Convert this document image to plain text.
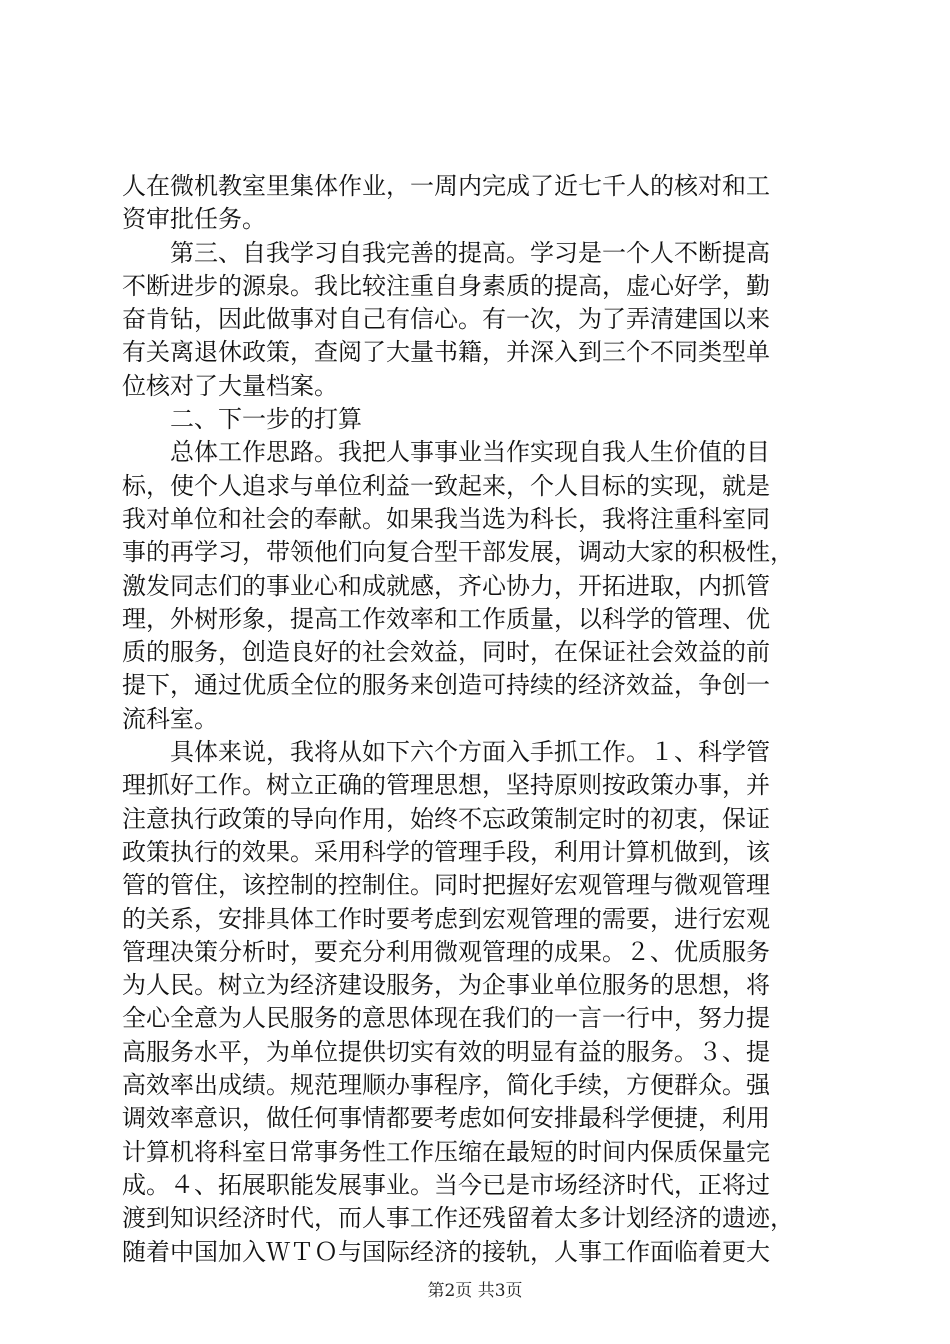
人在微机教室里集体作业，一周内完成了近七千人的核对和工
资审批任务。
　　第三、自我学习自我完善的提高。学习是一个人不断提高
不断进步的源泉。我比较注重自身素质的提高，虚心好学，勤
奋肯钻，因此做事对自己有信心。有一次，为了弄清建国以来
有关离退休政策，查阅了大量书籍，并深入到三个不同类型单
位核对了大量档案。
　　二、下一步的打算
　　总体工作思路。我把人事事业当作实现自我人生价值的目
标，使个人追求与单位利益一致起来，个人目标的实现，就是
我对单位和社会的奉献。如果我当选为科长，我将注重科室同
事的再学习，带领他们向复合型干部发展，调动大家的积极性，
激发同志们的事业心和成就感，齐心协力，开拓进取，内抓管
理，外树形象，提高工作效率和工作质量，以科学的管理、优
质的服务，创造良好的社会效益，同时，在保证社会效益的前
提下，通过优质全位的服务来创造可持续的经济效益，争创一
流科室。
　　具体来说，我将从如下六个方面入手抓工作。１、科学管
理抓好工作。树立正确的管理思想，坚持原则按政策办事，并
注意执行政策的导向作用，始终不忘政策制定时的初衷，保证
政策执行的效果。采用科学的管理手段，利用计算机做到，该
管的管住，该控制的控制住。同时把握好宏观管理与微观管理
的关系，安排具体工作时要考虑到宏观管理的需要，进行宏观
管理决策分析时，要充分利用微观管理的成果。２、优质服务
为人民。树立为经济建设服务，为企事业单位服务的思想，将
全心全意为人民服务的意思体现在我们的一言一行中，努力提
高服务水平，为单位提供切实有效的明显有益的服务。３、提
高效率出成绩。规范理顺办事程序，简化手续，方便群众。强
调效率意识，做任何事情都要考虑如何安排最科学便捷，利用
计算机将科室日常事务性工作压缩在最短的时间内保质保量完
成。４、拓展职能发展事业。当今已是市场经济时代，正将过
渡到知识经济时代，而人事工作还残留着太多计划经济的遗迹，
随着中国加入ＷＴＯ与国际经济的接轨，人事工作面临着更大
第2页 共3页
